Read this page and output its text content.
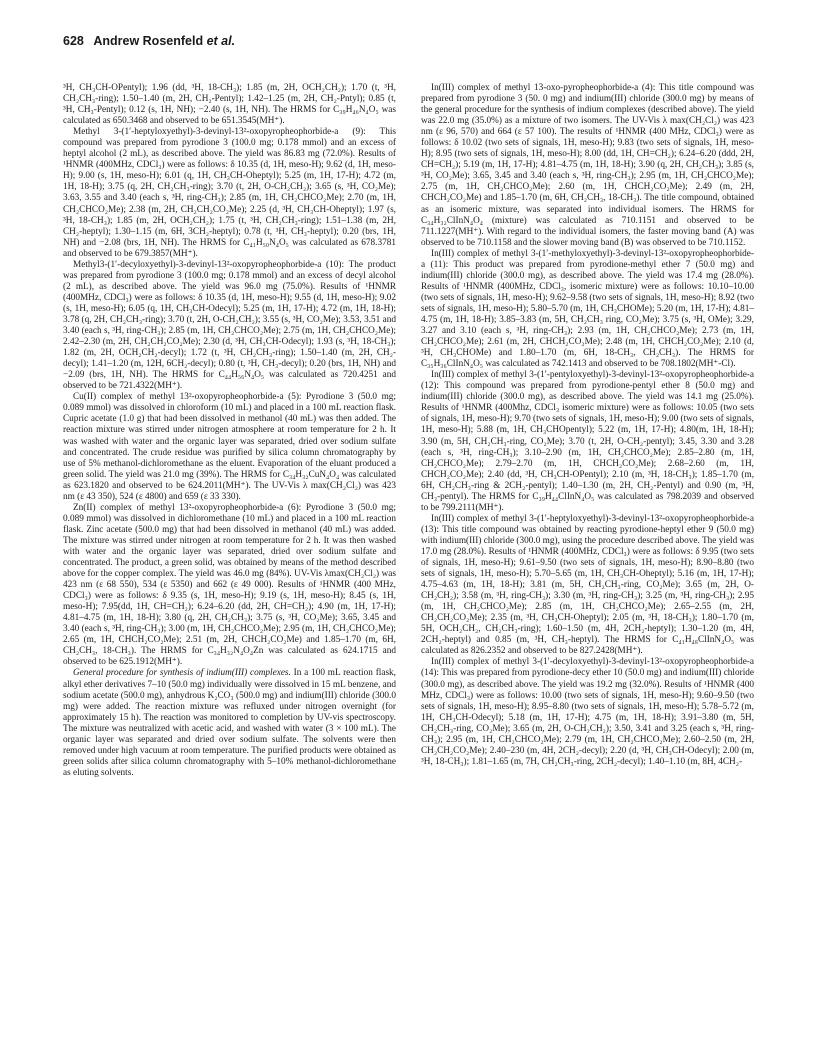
628 Andrew Rosenfeld et al.

³H, CH₃CH-OPentyl); 1.96 (dd, ³H, 18-CH₃); 1.85 (m, 2H, OCH₂CH₂); 1.70 (t, ³H, CH₂CH₃-ring); 1.50–1.40 (m, 2H, CH₂-Pentyl); 1.42–1.25 (m, 2H, CH₂-Pntyl); 0.85 (t, ³H, CH₃-Pentyl); 0.12 (s, 1H, NH); −2.40 (s, 1H, NH). The HRMS for C₃₉H₄₆N₄O₅ was calculated as 650.3468 and observed to be 651.3545(MH⁺).

Methyl 3-(1′-heptyloxyethyl)-3-devinyl-13²-oxopyropheophorbide-a (9): This compound was prepared from pyrodione 3 (100.0 mg; 0.178 mmol) and an excess of heptyl alcohol (2 mL), as described above. The yield was 86.83 mg (72.0%). Results of ¹HNMR (400MHz, CDCl₃) were as follows: δ 10.35 (d, 1H, meso-H); 9.62 (d, 1H, meso-H); 9.00 (s, 1H, meso-H); 6.01 (q, 1H, CH₃CH-Oheptyl); 5.25 (m, 1H, 17-H); 4.72 (m, 1H, 18-H); 3.75 (q, 2H, CH₂CH₃-ring); 3.70 (t, 2H, O-CH₂CH₂); 3.65 (s, ³H, CO₂Me); 3.63, 3.55 and 3.40 (each s, ³H, ring-CH₃); 2.85 (m, 1H, CH₂CHCO₂Me); 2.70 (m, 1H, CH₂CHCO₂Me); 2.38 (m, 2H, CH₂CH₂CO₂Me); 2.25 (d, ³H, CH₃CH-Oheptyl); 1.97 (s, ³H, 18-CH₃); 1.85 (m, 2H, OCH₂CH₂); 1.75 (t, ³H, CH₂CH₃-ring); 1.51–1.38 (m, 2H, CH₂-heptyl); 1.30–1.15 (m, 6H, 3CH₂-heptyl); 0.78 (t, ³H, CH₃-heptyl); 0.20 (brs, 1H, NH) and −2.08 (brs, 1H, NH). The HRMS for C₄₁H₅₀N₄O₅ was calculated as 678.3781 and observed to be 679.3857(MH⁺).

Methyl3-(1′-decyloxyethyl)-3-devinyl-13²-oxopyropheophorbide-a (10): The product was prepared from pyrodione 3 (100.0 mg; 0.178 mmol) and an excess of decyl alcohol (2 mL), as described above. The yield was 96.0 mg (75.0%). Results of ¹HNMR (400MHz, CDCl₃) were as follows: δ 10.35 (d, 1H, meso-H); 9.55 (d, 1H, meso-H); 9.02 (s, 1H, meso-H); 6.05 (q, 1H, CH₃CH-Odecyl); 5.25 (m, 1H, 17-H); 4.72 (m, 1H, 18-H); 3.78 (q, 2H, CH₂CH₃-ring); 3.70 (t, 2H, O-CH₂CH₂); 3.55 (s, ³H, CO₂Me); 3.53, 3.51 and 3.40 (each s, ³H, ring-CH₃); 2.85 (m, 1H, CH₂CHCO₂Me); 2.75 (m, 1H, CH₂CHCO₂Me); 2.42–2.30 (m, 2H, CH₂CH₂CO₂Me); 2.30 (d, ³H, CH₃CH-Odecyl); 1.93 (s, ³H, 18-CH₃); 1.82 (m, 2H, OCH₂CH₂-decyl); 1.72 (t, ³H, CH₂CH₃-ring); 1.50–1.40 (m, 2H, CH₂-decyl); 1.41–1.20 (m, 12H, 6CH₂-decyl); 0.80 (t, ³H, CH₃-decyl); 0.20 (brs, 1H, NH) and −2.09 (brs, 1H, NH). The HRMS for C₄₄H₅₆N₄O₅ was calculated as 720.4251 and observed to be 721.4322(MH⁺).

Cu(II) complex of methyl 13²-oxopyropheophorbide-a (5): Pyrodione 3 (50.0 mg; 0.089 mmol) was dissolved in chloroform (10 mL) and placed in a 100 mL reaction flask. Cupric acetate (1.0 g) that had been dissolved in methanol (40 mL) was then added. The reaction mixture was stirred under nitrogen atmosphere at room temperature for 2 h. It was washed with water and the organic layer was separated, dried over sodium sulfate and concentrated. The crude residue was purified by silica column chromatography by use of 5% methanol-dichloromethane as the eluent. Evaporation of the eluant produced a green solid. The yield was 21.0 mg (39%). The HRMS for C₃₄H₃₂CuN₄O₄ was calculated as 623.1820 and observed to be 624.2011(MH⁺). The UV-Vis λ max(CH₂Cl₂) was 423 nm (ε 43 350), 524 (ε 4800) and 659 (ε 33 330).

Zn(II) complex of methyl 13²-oxopyropheophorbide-a (6): Pyrodione 3 (50.0 mg; 0.089 mmol) was dissolved in dichloromethane (10 mL) and placed in a 100 mL reaction flask. Zinc acetate (500.0 mg) that had been dissolved in methanol (40 mL) was added. The mixture was stirred under nitrogen at room temperature for 2 h. It was then washed with water and the organic layer was separated, dried over sodium sulfate and concentrated. The product, a green solid, was obtained by means of the method described above for the copper complex. The yield was 46.0 mg (84%). UV-Vis λmax(CH₂Cl₂) was 423 nm (ε 68 550), 534 (ε 5350) and 662 (ε 49 000). Results of ¹HNMR (400 MHz, CDCl₃) were as follows: δ 9.35 (s, 1H, meso-H); 9.19 (s, 1H, meso-H); 8.45 (s, 1H, meso-H); 7.95(dd, 1H, CH=CH₂); 6.24–6.20 (dd, 2H, CH=CH₂); 4.90 (m, 1H, 17-H); 4.81–4.75 (m, 1H, 18-H); 3.80 (q, 2H, CH₂CH₃); 3.75 (s, ³H, CO₂Me); 3.65, 3.45 and 3.40 (each s, ³H, ring-CH₃); 3.00 (m, 1H, CH₂CHCO₂Me); 2.95 (m, 1H, CH₂CHCO₂Me); 2.65 (m, 1H, CHCH₂CO₂Me); 2.51 (m, 2H, CHCH₂CO₂Me) and 1.85–1.70 (m, 6H, CH₂CH₃, 18-CH₃). The HRMS for C₃₄H₃₂N₄O₄Zn was calculated as 624.1715 and observed to be 625.1912(MH⁺).

General procedure for synthesis of indium(III) complexes. In a 100 mL reaction flask, alkyl ether derivatives 7–10 (50.0 mg) individually were dissolved in 15 mL benzene, and sodium acetate (500.0 mg), anhydrous K₂CO₃ (500.0 mg) and indium(III) chloride (300.0 mg) were added. The reaction mixture was refluxed under nitrogen overnight (for approximately 15 h). The reaction was monitored to completion by UV-vis spectroscopy. The mixture was neutralized with acetic acid, and washed with water (3 × 100 mL). The organic layer was separated and dried over sodium sulfate. The solvents were then removed under high vacuum at room temperature. The purified products were obtained as green solids after silica column chromatography with 5–10% methanol-dichloromethane as eluting solvents.

In(III) complex of methyl 13-oxo-pyropheophorbide-a (4): This title compound was prepared from pyrodione 3 (50. 0 mg) and indium(III) chloride (300.0 mg) by means of the general procedure for the synthesis of indium complexes (described above). The yield was 22.0 mg (35.0%) as a mixture of two isomers. The UV-Vis λ max(CH₂Cl₂) was 423 nm (ε 96, 570) and 664 (ε 57 100). The results of ¹HNMR (400 MHz, CDCl₃) were as follows: δ 10.02 (two sets of signals, 1H, meso-H); 9.83 (two sets of signals, 1H, meso-H); 8.95 (two sets of signals, 1H, meso-H); 8.00 (dd, 1H, CH=CH₂); 6.24–6.20 (ddd, 2H, CH=CH₂); 5.19 (m, 1H, 17-H); 4.81–4.75 (m, 1H, 18-H); 3.90 (q, 2H, CH₂CH₃); 3.85 (s, ³H, CO₂Me); 3.65, 3.45 and 3.40 (each s, ³H, ring-CH₃); 2.95 (m, 1H, CH₂CHCO₂Me); 2.75 (m, 1H, CH₂CHCO₂Me); 2.60 (m, 1H, CHCH₂CO₂Me); 2.49 (m, 2H, CHCH₂CO₂Me) and 1.85–1.70 (m, 6H, CH₂CH₃, 18-CH₃). The title compound, obtained as an isomeric mixture, was separated into individual isomers. The HRMS for C₃₄H₃₂ClInN₄O₄ (mixture) was calculated as 710.1151 and observed to be 711.1227(MH⁺). With regard to the individual isomers, the faster moving band (A) was observed to be 710.1158 and the slower moving band (B) was observed to be 710.1152.

In(III) complex of methyl 3-(1′-methyloxyethyl)-3-devinyl-13²-oxopyropheophorbide-a (11): This product was prepared from pyrodione-methyl ether 7 (50.0 mg) and indium(III) chloride (300.0 mg), as described above. The yield was 17.4 mg (28.0%). Results of ¹HNMR (400MHz, CDCl₃, isomeric mixture) were as follows: 10.10–10.00 (two sets of signals, 1H, meso-H); 9.62–9.58 (two sets of signals, 1H, meso-H); 8.92 (two sets of signals, 1H, meso-H); 5.80–5.70 (m, 1H, CH₃CHOMe); 5.20 (m, 1H, 17-H); 4.81–4.75 (m, 1H, 18-H); 3.85–3.83 (m, 5H, CH₂CH₃ ring, CO₂Me); 3.75 (s, ³H, OMe); 3.29, 3.27 and 3.10 (each s, ³H, ring-CH₃); 2.93 (m, 1H, CH₂CHCO₂Me); 2.73 (m, 1H, CH₂CHCO₂Me); 2.61 (m, 2H, CHCH₂CO₂Me); 2.48 (m, 1H, CHCH₂CO₂Me); 2.10 (d, ³H, CH₃CHOMe) and 1.80–1.70 (m, 6H, 18-CH₃, CH₂CH₃). The HRMS for C₃₅H₃₆ClInN₄O₅ was calculated as 742.1413 and observed to be 708.1802(MH⁺-Cl).

In(III) complex of methyl 3-(1′-pentyloxyethyl)-3-devinyl-13²-oxopyropheophorbide-a (12): This compound was prepared from pyrodione-pentyl ether 8 (50.0 mg) and indium(III) chloride (300.0 mg), as described above. The yield was 14.1 mg (25.0%). Results of ¹HNMR (400Mhz, CDCl₃ isomeric mixture) were as follows: 10.05 (two sets of signals, 1H, meso-H); 9.70 (two sets of signals, 1H, meso-H); 9.00 (two sets of signals, 1H, meso-H); 5.88 (m, 1H, CH₃CHOpentyl); 5.22 (m, 1H, 17-H); 4.80(m, 1H, 18-H); 3.90 (m, 5H, CH₂CH₃-ring, CO₂Me); 3.70 (t, 2H, O-CH₂-pentyl); 3.45, 3.30 and 3.28 (each s, ³H, ring-CH₃); 3.10–2.90 (m, 1H, CH₂CHCO₂Me); 2.85–2.80 (m, 1H, CH₂CHCO₂Me); 2.79–2.70 (m, 1H, CHCH₂CO₂Me); 2.68–2.60 (m, 1H, CHCH₂CO₂Me); 2.40 (dd, ³H, CH₃CH-OPentyl); 2.10 (m, ³H, 18-CH₃); 1.85–1.70 (m, 6H, CH₂CH₃-ring & 2CH₂-pentyl); 1.40–1.30 (m, 2H, CH₂-Pentyl) and 0.90 (m, ³H, CH₃-pentyl). The HRMS for C₃₉H₄₄ClInN₄O₅ was calculated as 798.2039 and observed to be 799.2111(MH⁺).

In(III) complex of methyl 3-(1′-heptyloxyethyl)-3-devinyl-13²-oxopyropheophorbide-a (13): This title compound was obtained by reacting pyrodione-heptyl ether 9 (50.0 mg) with indium(III) chloride (300.0 mg), using the procedure described above. The yield was 17.0 mg (28.0%). Results of ¹HNMR (400MHz, CDCl₃) were as follows: δ 9.95 (two sets of signals, 1H, meso-H); 9.61–9.50 (two sets of signals, 1H, meso-H); 8.90–8.80 (two sets of signals, 1H, meso-H); 5.70–5.65 (m, 1H, CH₃CH-Oheptyl); 5.16 (m, 1H, 17-H); 4.75–4.63 (m, 1H, 18-H); 3.81 (m, 5H, CH₂CH₃-ring, CO₂Me); 3.65 (m, 2H, O-CH₂CH₂); 3.58 (m, ³H, ring-CH₃); 3.30 (m, ³H, ring-CH₃); 3.25 (m, ³H, ring-CH₃); 2.95 (m, 1H, CH₂CHCO₂Me); 2.85 (m, 1H, CH₂CHCO₂Me); 2.65–2.55 (m, 2H, CH₂CH₂CO₂Me); 2.35 (m, ³H, CH₃CH-Oheptyl); 2.05 (m, ³H, 18-CH₃); 1.80–1.70 (m, 5H, OCH₂CH₂, CH₂CH₃-ring); 1.60–1.50 (m, 4H, 2CH₂-heptyl); 1.30–1.20 (m, 4H, 2CH₂-heptyl) and 0.85 (m, ³H, CH₃-heptyl). The HRMS for C₄₁H₄₈ClInN₄O₅ was calculated as 826.2352 and observed to be 827.2428(MH⁺).

In(III) complex of methyl 3-(1′-decyloxyethyl)-3-devinyl-13²-oxopyropheophorbide-a (14): This was prepared from pyrodione-decy ether 10 (50.0 mg) and indium(III) chloride (300.0 mg), as described above. The yield was 19.2 mg (32.0%). Results of ¹HNMR (400 MHz, CDCl₃) were as follows: 10.00 (two sets of signals, 1H, meso-H); 9.60–9.50 (two sets of signals, 1H, meso-H); 8.95–8.80 (two sets of signals, 1H, meso-H); 5.78–5.72 (m, 1H, CH₃CH-Odecyl); 5.18 (m, 1H, 17-H); 4.75 (m, 1H, 18-H); 3.91–3.80 (m, 5H, CH₂CH₃-ring, CO₂Me); 3.65 (m, 2H, O-CH₂CH₂); 3.50, 3.41 and 3.25 (each s, ³H, ring-CH₃); 2.95 (m, 1H, CH₂CHCO₂Me); 2.79 (m, 1H, CH₂CHCO₂Me); 2.60–2.50 (m, 2H, CH₂CH₂CO₂Me); 2.40–230 (m, 4H, 2CH₂-decyl); 2.20 (d, ³H, CH₃CH-Odecyl); 2.00 (m, ³H, 18-CH₃); 1.81–1.65 (m, 7H, CH₂CH₃-ring, 2CH₂-decyl); 1.40–1.10 (m, 8H, 4CH₂-
